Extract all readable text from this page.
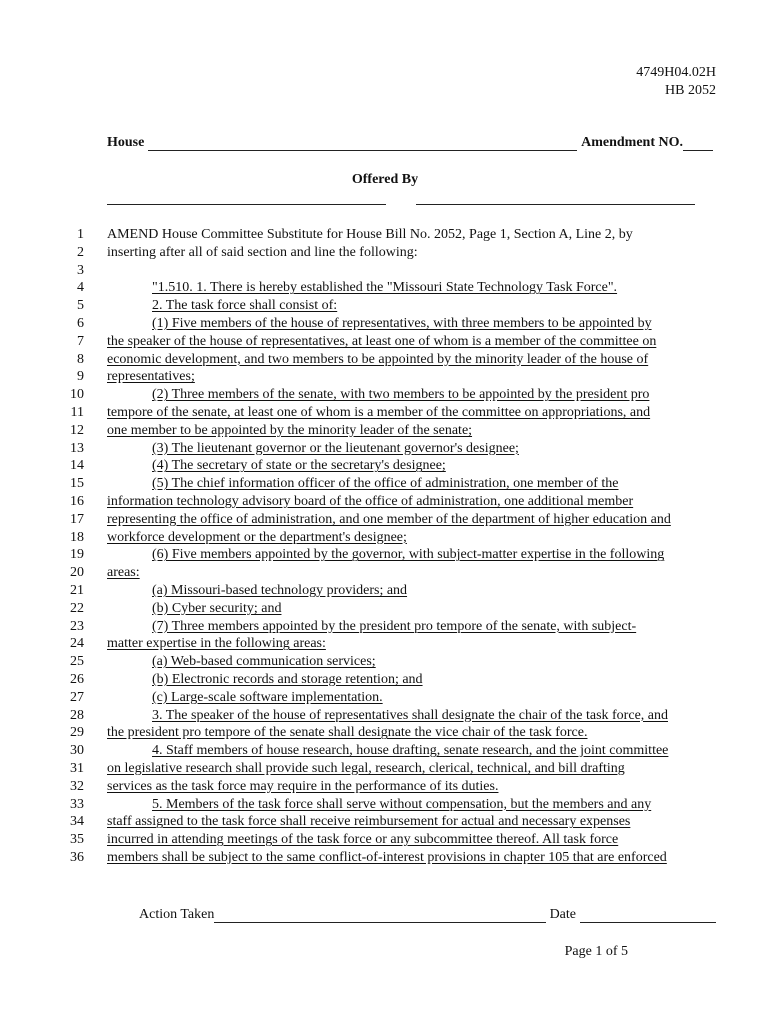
4749H04.02H
HB 2052
House	Amendment NO.
Offered By
1 AMEND House Committee Substitute for House Bill No. 2052, Page 1, Section A, Line 2, by
2 inserting after all of said section and line the following:
3
4	"1.510. 1. There is hereby established the "Missouri State Technology Task Force".
5	2. The task force shall consist of:
6	(1) Five members of the house of representatives, with three members to be appointed by
7 the speaker of the house of representatives, at least one of whom is a member of the committee on
8 economic development, and two members to be appointed by the minority leader of the house of
9 representatives;
10	(2) Three members of the senate, with two members to be appointed by the president pro
11 tempore of the senate, at least one of whom is a member of the committee on appropriations, and
12 one member to be appointed by the minority leader of the senate;
13	(3) The lieutenant governor or the lieutenant governor's designee;
14	(4) The secretary of state or the secretary's designee;
15	(5) The chief information officer of the office of administration, one member of the
16 information technology advisory board of the office of administration, one additional member
17 representing the office of administration, and one member of the department of higher education and
18 workforce development or the department's designee;
19	(6) Five members appointed by the governor, with subject-matter expertise in the following
20 areas:
21	(a) Missouri-based technology providers; and
22	(b) Cyber security; and
23	(7) Three members appointed by the president pro tempore of the senate, with subject-
24 matter expertise in the following areas:
25	(a) Web-based communication services;
26	(b) Electronic records and storage retention; and
27	(c) Large-scale software implementation.
28	3. The speaker of the house of representatives shall designate the chair of the task force, and
29 the president pro tempore of the senate shall designate the vice chair of the task force.
30	4. Staff members of house research, house drafting, senate research, and the joint committee
31 on legislative research shall provide such legal, research, clerical, technical, and bill drafting
32 services as the task force may require in the performance of its duties.
33	5. Members of the task force shall serve without compensation, but the members and any
34 staff assigned to the task force shall receive reimbursement for actual and necessary expenses
35 incurred in attending meetings of the task force or any subcommittee thereof. All task force
36 members shall be subject to the same conflict-of-interest provisions in chapter 105 that are enforced
Action Taken	Date
Page 1 of 5
